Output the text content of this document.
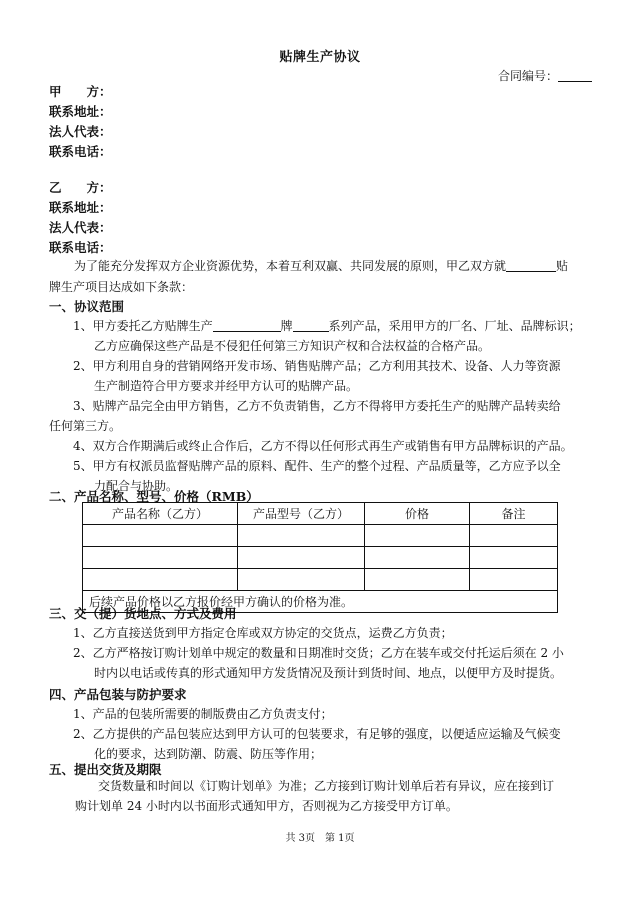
贴牌生产协议
合同编号：
甲　　方：
联系地址：
法人代表：
联系电话：
乙　　方：
联系地址：
法人代表：
联系电话：
为了能充分发挥双方企业资源优势，本着互利双赢、共同发展的原则，甲乙双方就	贴
牌生产项目达成如下条款：
一、协议范围
1、甲方委托乙方贴牌生产	牌	系列产品，采用甲方的厂名、厂址、品牌标识；
乙方应确保这些产品是不侵犯任何第三方知识产权和合法权益的合格产品。
2、甲方利用自身的营销网络开发市场、销售贴牌产品；乙方利用其技术、设备、人力等资源
生产制造符合甲方要求并经甲方认可的贴牌产品。
3、贴牌产品完全由甲方销售，乙方不负责销售，乙方不得将甲方委托生产的贴牌产品转卖给
任何第三方。
4、双方合作期满后或终止合作后，乙方不得以任何形式再生产或销售有甲方品牌标识的产品。
5、甲方有权派员监督贴牌产品的原料、配件、生产的整个过程、产品质量等，乙方应予以全
力配合与协助。
二、产品名称、型号、价格（RMB）
产品名称（乙方）	产品型号（乙方）	价格	备注

后续产品价格以乙方报价经甲方确认的价格为准。			
三、交（提）货地点、方式及费用
1、乙方直接送货到甲方指定仓库或双方协定的交货点，运费乙方负责；
2、乙方严格按订购计划单中规定的数量和日期准时交货；乙方在装车或交付托运后须在 2 小
时内以电话或传真的形式通知甲方发货情况及预计到货时间、地点，以便甲方及时提货。
四、产品包装与防护要求
1、产品的包装所需要的制版费由乙方负责支付；
2、乙方提供的产品包装应达到甲方认可的包装要求，有足够的强度，以便适应运输及气候变
化的要求，达到防潮、防震、防压等作用；
五、提出交货及期限
交货数量和时间以《订购计划单》为准；乙方接到订购计划单后若有异议，应在接到订
购计划单 24 小时内以书面形式通知甲方，否则视为乙方接受甲方订单。
共 3页　第 1页
